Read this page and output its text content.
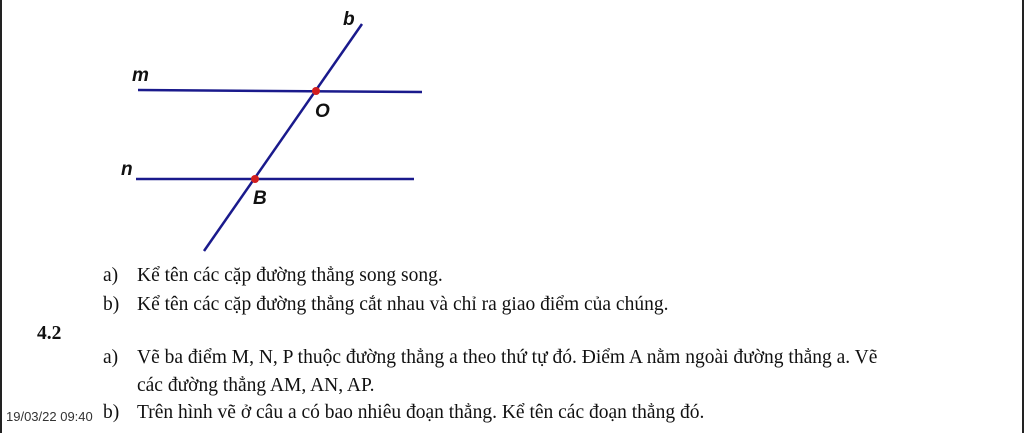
b
m
n
O
B
a) Kể tên các cặp đường thẳng song song.
b) Kể tên các cặp đường thẳng cắt nhau và chỉ ra giao điểm của chúng.
4.2
a) Vẽ ba điểm M, N, P thuộc đường thẳng a theo thứ tự đó. Điểm A nằm ngoài đường thẳng a. Vẽ
các đường thẳng AM, AN, AP.
b) Trên hình vẽ ở câu a có bao nhiêu đoạn thẳng. Kể tên các đoạn thẳng đó.
19/03/22 09:40
